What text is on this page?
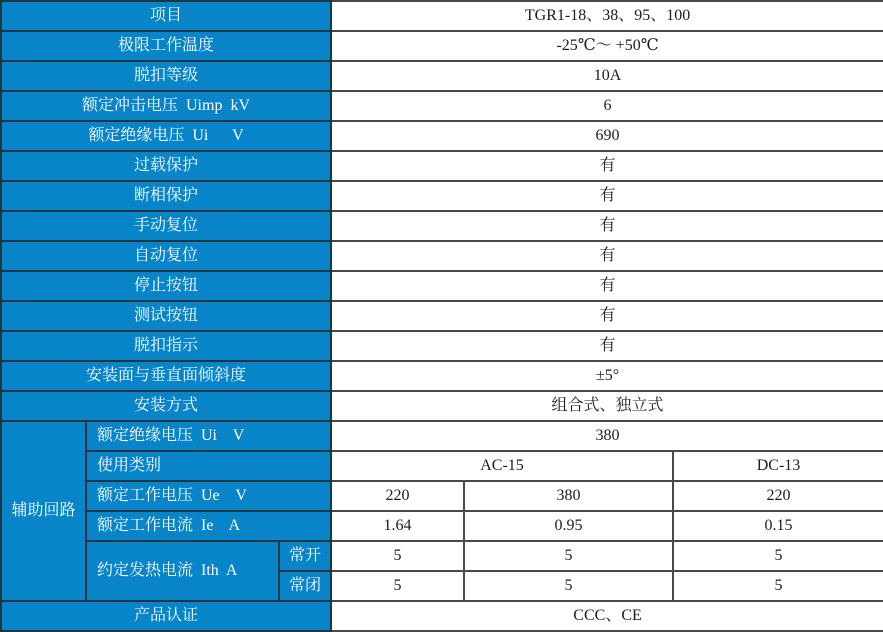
项目			TGR1-18、38、95、100		
极限工作温度			-25℃～ +50℃		
脱扣等级			10A		
额定冲击电压  Uimp  kV			6		
额定绝缘电压  Ui      V			690		
过载保护			有		
断相保护			有		
手动复位			有		
自动复位			有		
停止按钮			有		
测试按钮			有		
脱扣指示			有		
安装面与垂直面倾斜度			±5°		
安装方式			组合式、独立式		
辅助回路	额定绝缘电压  Ui    V		380		
	使用类别		AC-15		DC-13
	额定工作电压  Ue    V		220	380	220
	额定工作电流  Ie    A		1.64	0.95	0.15
	约定发热电流  Ith  A	常开	5	5	5
		常闭	5	5	5
产品认证			CCC、CE		
